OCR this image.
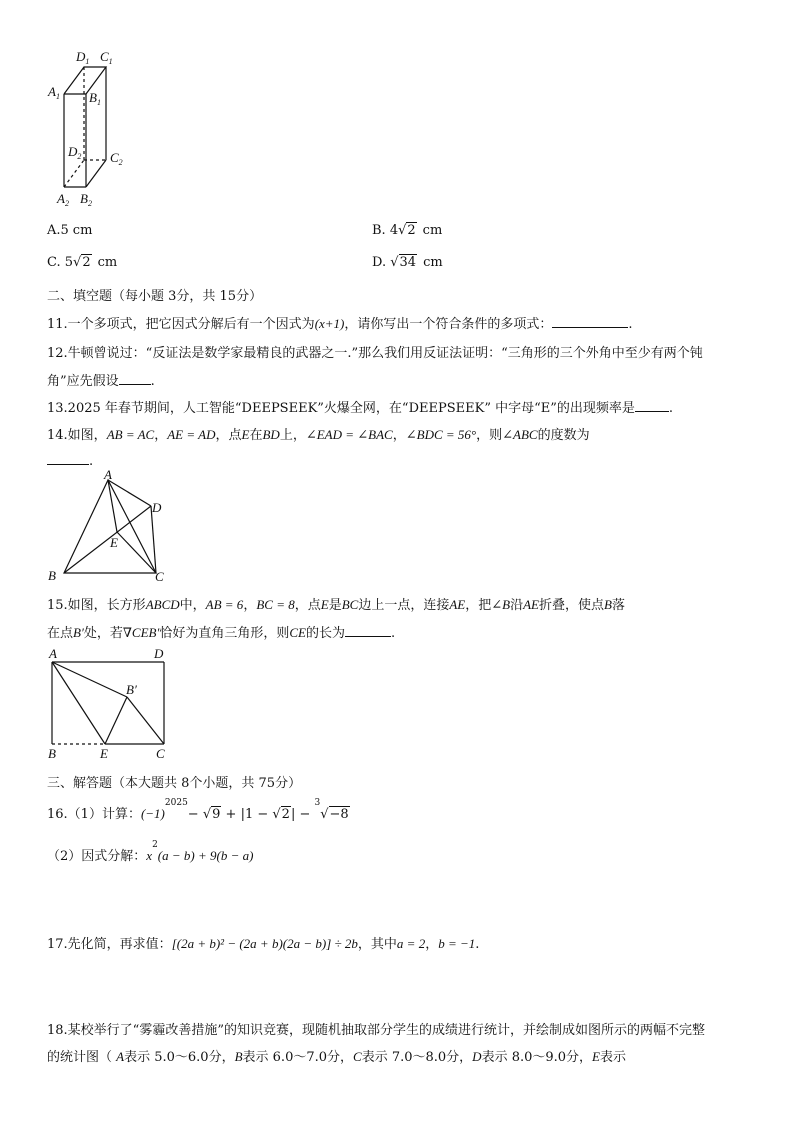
$D_1$ $C_1$
$A_1$ $B_1$
$D_2$ $C_2$
$A_2$ $B_2$
A.5 cm	B. 4√2 cm
C. 5√2 cm	D. √34 cm
二、填空题（每小题 3分，共 15分）
11.一个多项式，把它因式分解后有一个因式为(x+1)，请你写出一个符合条件的多项式：	.
12.牛顿曾说过：“反证法是数学家最精良的武器之一.”那么我们用反证法证明：“三角形的三个外角中至少有两个钝
角”应先假设 .
13.2025 年春节期间，人工智能“DEEPSEEK”火爆全网，在“DEEPSEEK” 中字母“E”的出现频率是	.
14.如图，AB = AC，AE = AD，点E在BD上，∠EAD = ∠BAC，∠BDC = 56°，则∠ABC的度数为
.
A
D
E
B	C
15.如图，长方形ABCD中，AB = 6，BC = 8，点E是BC边上一点，连接AE，把∠B沿AE折叠，使点B落
在点B′处，若∇CEB′恰好为直角三角形，则CE的长为	.
A	D
B′
B	E	C
三、解答题（本大题共 8个小题，共 75分）
16.（1）计算：$(-1)^{2025}- √9 + |1 - √2| - ^3√-8$
（2）因式分解：$x^2(a - b) + 9(b - a)$
17.先化简，再求值：[(2a + b)² − (2a + b)(2a − b)] ÷ 2b，其中a = 2，b = −1.
18.某校举行了“雾霾改善措施”的知识竞赛，现随机抽取部分学生的成绩进行统计，并绘制成如图所示的两幅不完整
的统计图（ A表示 5.0～6.0分，B表示 6.0～7.0分，C表示 7.0～8.0分，D表示 8.0～9.0分，E表示
